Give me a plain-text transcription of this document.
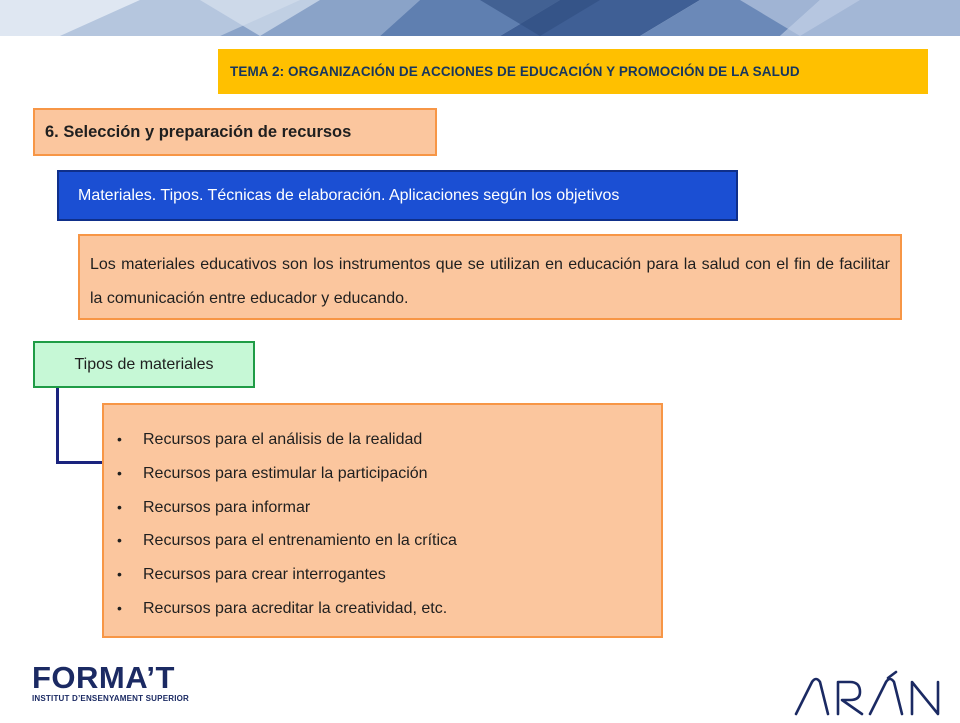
TEMA 2: ORGANIZACIÓN DE ACCIONES DE EDUCACIÓN Y PROMOCIÓN DE LA SALUD
6. Selección y preparación de recursos
Materiales. Tipos. Técnicas de elaboración. Aplicaciones según los objetivos
Los materiales educativos son los instrumentos que se utilizan en educación para la salud con el fin de facilitar la comunicación entre educador y educando.
Tipos de materiales
• Recursos para el análisis de la realidad
• Recursos para estimular la participación
• Recursos para informar
• Recursos para el entrenamiento en la crítica
• Recursos para crear interrogantes
• Recursos para acreditar la creatividad, etc.
FORMA’T
INSTITUT D’ENSENYAMENT SUPERIOR
